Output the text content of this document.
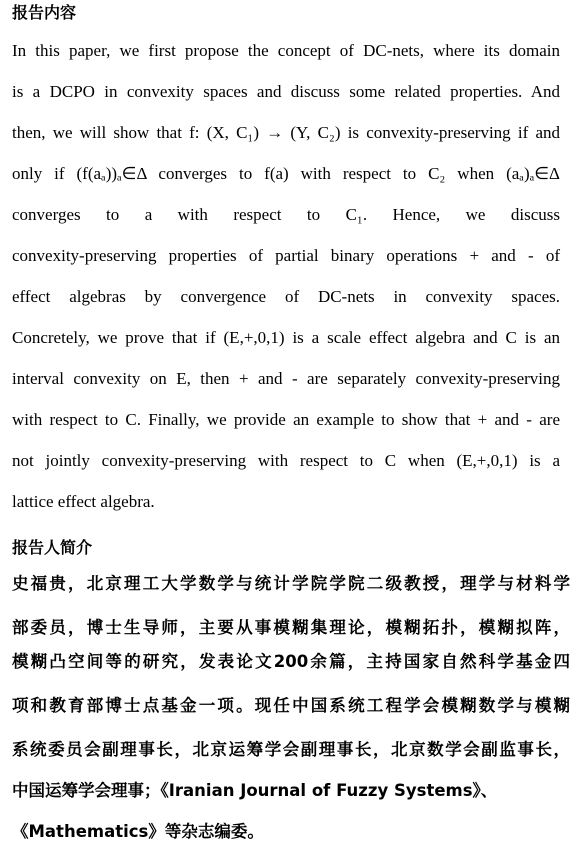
报告内容
In this paper, we first propose the concept of DC-nets, where its domain
is a DCPO in convexity spaces and discuss some related properties. And
then, we will show that f: (X, C₁) → (Y, C₂) is convexity-preserving if and
only if (f(aₐ))ₐ∈Δ converges to f(a) with respect to C₂ when (aₐ)ₐ∈Δ
converges to a with respect to C₁. Hence, we discuss
convexity-preserving properties of partial binary operations + and - of
effect algebras by convergence of DC-nets in convexity spaces.
Concretely, we prove that if (E,+,0,1) is a scale effect algebra and C is an
interval convexity on E, then + and - are separately convexity-preserving
with respect to C. Finally, we provide an example to show that + and - are
not jointly convexity-preserving with respect to C when (E,+,0,1) is a
lattice effect algebra.
报告人简介
史福贵，北京理工大学数学与统计学院学院二级教授，理学与材料学
部委员，博士生导师，主要从事模糊集理论，模糊拓扑，模糊拟阵，
模糊凸空间等的研究，发表论文200余篇，主持国家自然科学基金四
项和教育部博士点基金一项。现任中国系统工程学会模糊数学与模糊
系统委员会副理事长，北京运筹学会副理事长，北京数学会副监事长，
中国运筹学会理事；《Iranian Journal of Fuzzy Systems》、
《Mathematics》等杂志编委。
